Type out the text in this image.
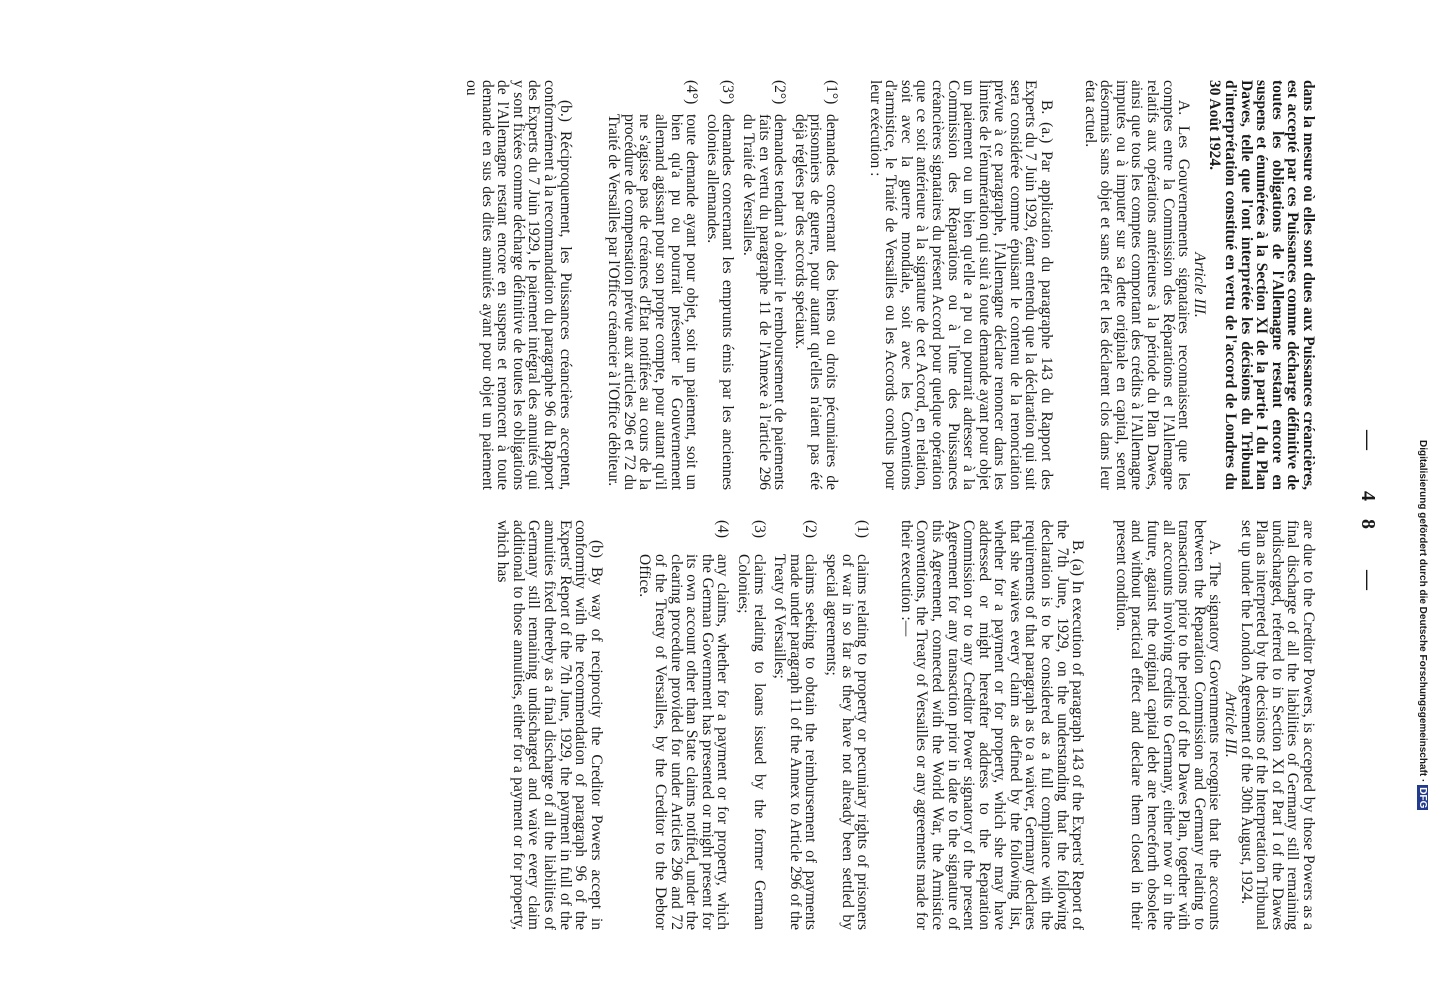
— 48 —

dans la mesure où elles sont dues aux Puissances créancières, est accepté par ces Puissances comme décharge définitive de toutes les obligations de l'Allemagne restant encore en suspens et énumérées à la Section XI de la partie I du Plan Dawes, telle que l'ont interprétée les décisions du Tribunal d'interprétation constitué en vertu de l'accord de Londres du 30 Août 1924.

Article III.

A. Les Gouvernements signataires reconnaissent que les comptes entre la Commission des Réparations et l'Allemagne relatifs aux opérations antérieures à la période du Plan Dawes, ainsi que tous les comptes comportant des crédits à l'Allemagne imputés ou à imputer sur sa dette originale en capital, seront désormais sans objet et sans effet et les déclarent clos dans leur état actuel.

B. (a.) Par application du paragraphe 143 du Rapport des Experts du 7 Juin 1929, étant entendu que la déclaration qui suit sera considérée comme épuisant le contenu de la renonciation prévue à ce paragraphe, l'Allemagne déclare renoncer dans les limites de l'énumération qui suit à toute demande ayant pour objet un paiement ou un bien qu'elle a pu ou pourrait adresser à la Commission des Réparations ou à l'une des Puissances créancières signataires du présent Accord pour quelque opération que ce soit antérieure à la signature de cet Accord, en relation, soit avec la guerre mondiale, soit avec les Conventions d'armistice, le Traité de Versailles ou les Accords conclus pour leur exécution :

(1°)
demandes concernant des biens ou droits pécuniaires de prisonniers de guerre, pour autant qu'elles n'aient pas été déjà réglées par des accords spéciaux.
(2°)
demandes tendant à obtenir le remboursement de paiements faits en vertu du paragraphe 11 de l'Annexe à l'article 296 du Traité de Versailles.
(3°)
demandes concernant les emprunts émis par les anciennes colonies allemandes.
(4°)
toute demande ayant pour objet, soit un paiement, soit un bien qu'a pu ou pourrait présenter le Gouvernement allemand agissant pour son propre compte, pour autant qu'il ne s'agisse pas de créances d'État notifiées au cours de la procédure de compensation prévue aux articles 296 et 72 du Traité de Versailles par l'Office créancier à l'Office débiteur.

(b.) Réciproquement, les Puissances créancières acceptent, conformément à la recommandation du paragraphe 96 du Rapport des Experts du 7 Juin 1929, le paiement intégral des annuités qui y sont fixées comme décharge définitive de toutes les obligations de l'Allemagne restant encore en suspens et renoncent à toute demande en sus des dites annuités ayant pour objet un paiement ou

are due to the Creditor Powers, is accepted by those Powers as a final discharge of all the liabilities of Germany still remaining undischarged, referred to in Section XI of Part I of the Dawes Plan as interpreted by the decisions of the Interpretation Tribunal set up under the London Agreement of the 30th August, 1924.

Article III.

A. The signatory Governments recognise that the accounts between the Reparation Commission and Germany relating to transactions prior to the period of the Dawes Plan, together with all accounts involving credits to Germany, either now or in the future, against the original capital debt are henceforth obsolete and without practical effect and declare them closed in their present condition.

B. (a) In execution of paragraph 143 of the Experts' Report of the 7th June, 1929, on the understanding that the following declaration is to be considered as a full compliance with the requirements of that paragraph as to a waiver, Germany declares that she waives every claim as defined by the following list, whether for a payment or for property, which she may have addressed or might hereafter address to the Reparation Commission or to any Creditor Power signatory of the present Agreement for any transaction prior in date to the signature of this Agreement, connected with the World War, the Armistice Conventions, the Treaty of Versailles or any agreements made for their execution :—

(1)
claims relating to property or pecuniary rights of prisoners of war in so far as they have not already been settled by special agreements;
(2)
claims seeking to obtain the reimbursement of payments made under paragraph 11 of the Annex to Article 296 of the Treaty of Versailles;
(3)
claims relating to loans issued by the former German Colonies;
(4)
any claims, whether for a payment or for property, which the German Government has presented or might present for its own account other than State claims notified, under the clearing procedure provided for under Articles 296 and 72 of the Treaty of Versailles, by the Creditor to the Debtor Office.

(b) By way of reciprocity the Creditor Powers accept in conformity with the recommendation of paragraph 96 of the Experts' Report of the 7th June, 1929, the payment in full of the annuities fixed thereby as a final discharge of all the liabilities of Germany still remaining undischarged and waive every claim additional to those annuities, either for a payment or for property, which has	Digitalisierung gefördert durch die Deutsche Forschungsgemeinschaft ·DFG
